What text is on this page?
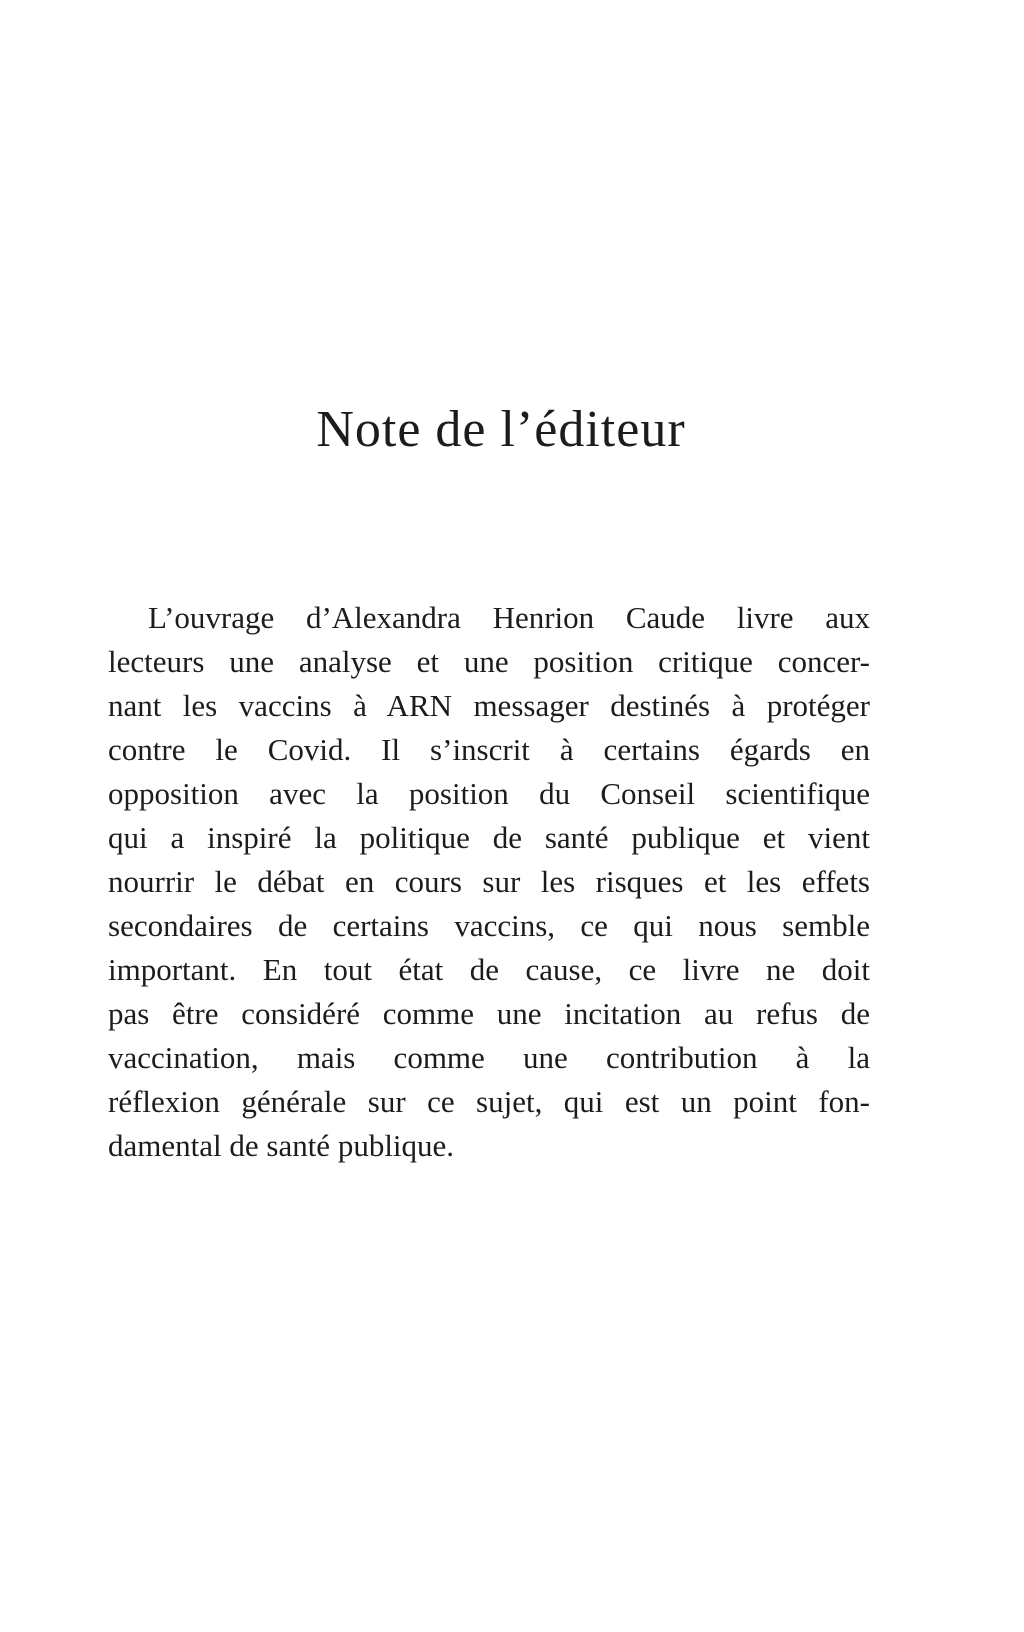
Note de l’éditeur
L’ouvrage d’Alexandra Henrion Caude livre aux
lecteurs une analyse et une position critique concer-
nant les vaccins à ARN messager destinés à protéger
contre le Covid. Il s’inscrit à certains égards en
opposition avec la position du Conseil scientifique
qui a inspiré la politique de santé publique et vient
nourrir le débat en cours sur les risques et les effets
secondaires de certains vaccins, ce qui nous semble
important. En tout état de cause, ce livre ne doit
pas être considéré comme une incitation au refus de
vaccination, mais comme une contribution à la
réflexion générale sur ce sujet, qui est un point fon-
damental de santé publique.
